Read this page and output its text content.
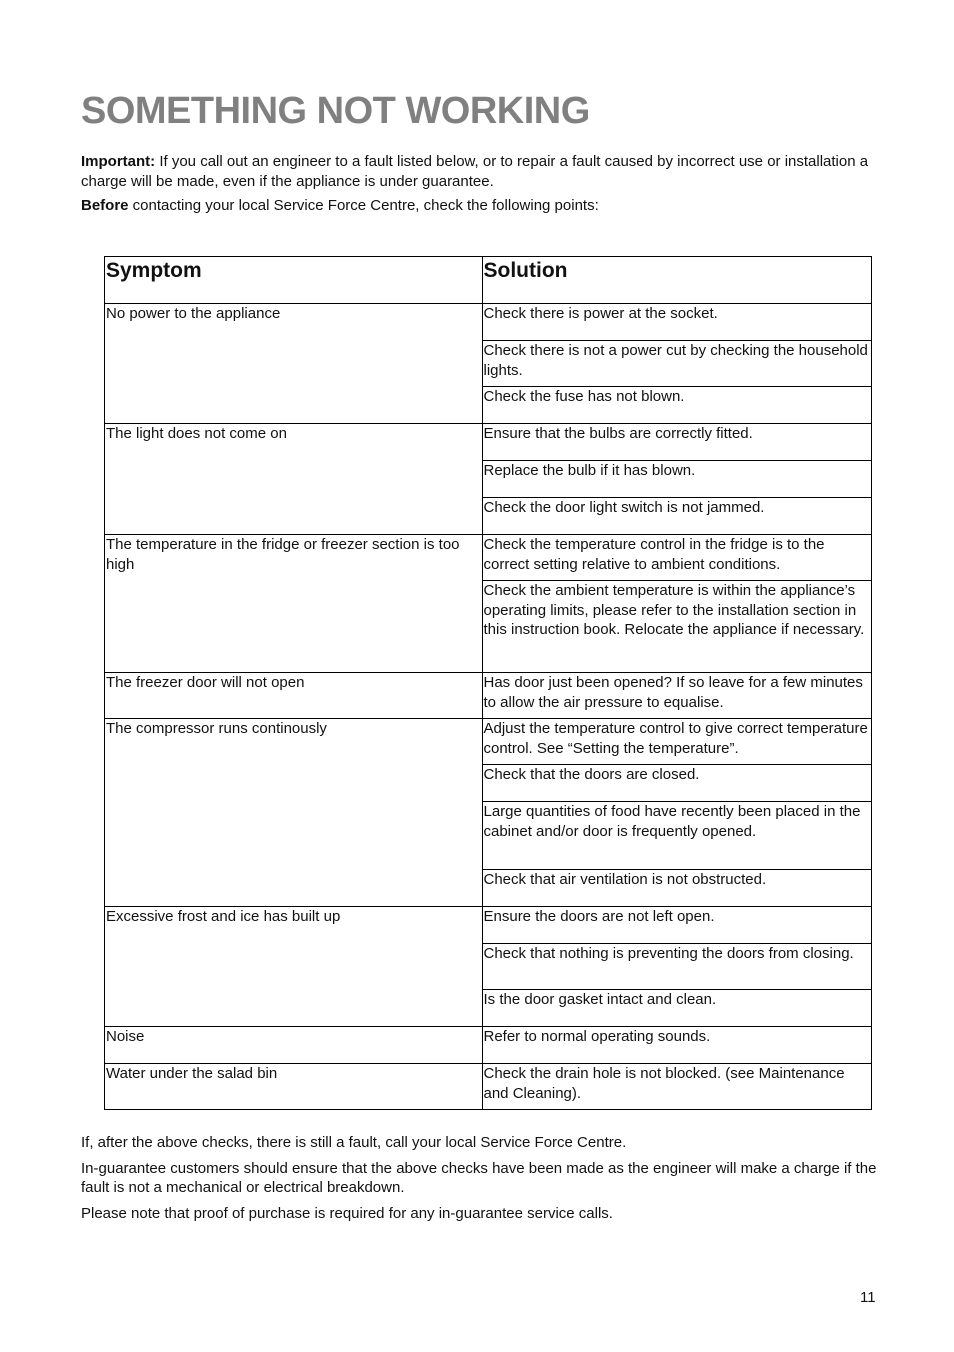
SOMETHING NOT WORKING

Important: If you call out an engineer to a fault listed below, or to repair a fault caused by incorrect use or installation a charge will be made, even if the appliance is under guarantee.

Before contacting your local Service Force Centre, check the following points:

Symptom	Solution
No power to the appliance	Check there is power at the socket.
	Check there is not a power cut by checking the household lights.
	Check the fuse has not blown.
The light does not come on	Ensure that the bulbs are correctly fitted.
	Replace the bulb if it has blown.
	Check the door light switch is not jammed.
The temperature in the fridge or freezer section is too high	Check the temperature control in the fridge is to the correct setting relative to ambient conditions.
	Check the ambient temperature is within the appliance’s operating limits, please refer to the installation section in this instruction book. Relocate the appliance if necessary.
The freezer door will not open	Has door just been opened? If so leave for a few minutes to allow the air pressure to equalise.
The compressor runs continously	Adjust the temperature control to give correct temperature control. See “Setting the temperature”.
	Check that the doors are closed.
	Large quantities of food have recently been placed in the cabinet and/or door is frequently opened.
	Check that air ventilation is not obstructed.
Excessive frost and ice has built up	Ensure the doors are not left open.
	Check that nothing is preventing the doors from closing.
	Is the door gasket intact and clean.
Noise	Refer to normal operating sounds.
Water under the salad bin	Check the drain hole is not blocked. (see Maintenance and Cleaning).

If, after the above checks, there is still a fault, call your local Service Force Centre.

In-guarantee customers should ensure that the above checks have been made as the engineer will make a charge if the fault is not a mechanical or electrical breakdown.

Please note that proof of purchase is required for any in-guarantee service calls.

11
